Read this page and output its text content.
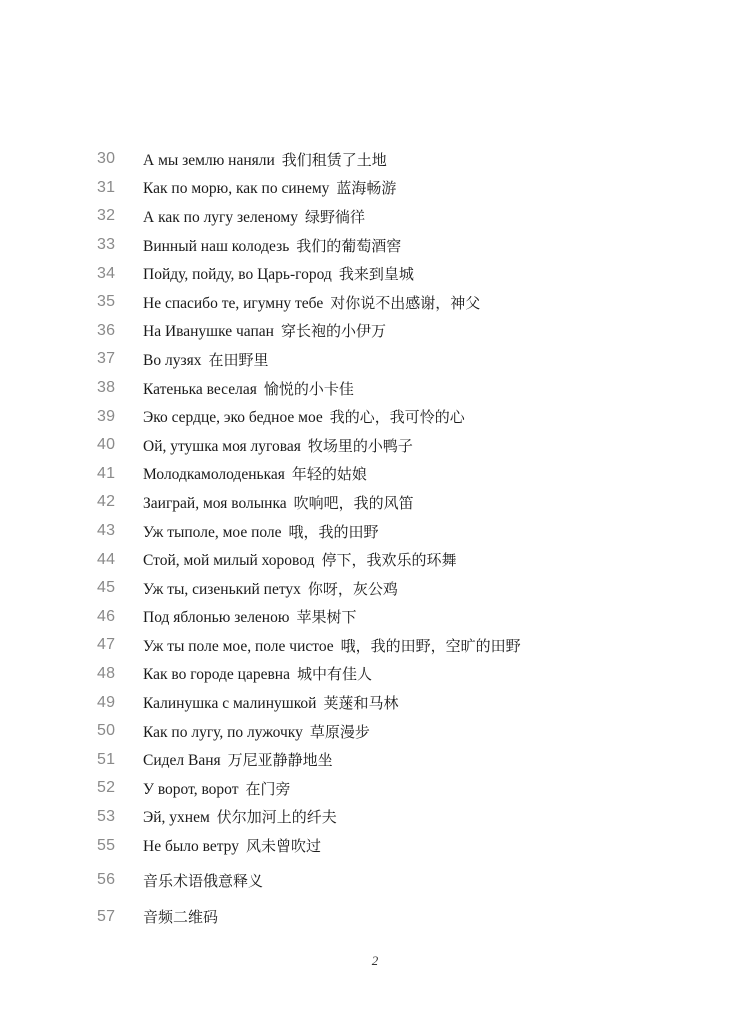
30	А мы землю наняли 我们租赁了土地
31	Как по морю, как по синему 蓝海畅游
32	А как по лугу зеленому 绿野徜徉
33	Винный наш колодезь 我们的葡萄酒窖
34	Пойду, пойду, во Царь-город 我来到皇城
35	Не спасибо те, игумну тебе 对你说不出感谢，神父
36	На Иванушке чапан 穿长袍的小伊万
37	Во лузях 在田野里
38	Катенька веселая 愉悦的小卡佳
39	Эко сердце, эко бедное мое 我的心，我可怜的心
40	Ой, утушка моя луговая 牧场里的小鸭子
41	Молодкамолоденькая 年轻的姑娘
42	Заиграй, моя волынка 吹响吧，我的风笛
43	Уж тыполе, мое поле 哦，我的田野
44	Стой, мой милый хоровод 停下，我欢乐的环舞
45	Уж ты, сизенький петух 你呀，灰公鸡
46	Под яблонью зеленою 苹果树下
47	Уж ты поле мое, поле чистое 哦，我的田野，空旷的田野
48	Как во городе царевна 城中有佳人
49	Калинушка с малинушкой 荚蒾和马林
50	Как по лугу, по лужочку 草原漫步
51	Сидел Ваня 万尼亚静静地坐
52	У ворот, ворот 在门旁
53	Эй, ухнем 伏尔加河上的纤夫
55	Не было ветру 风未曾吹过
56	音乐术语俄意释义
57	音频二维码
2
